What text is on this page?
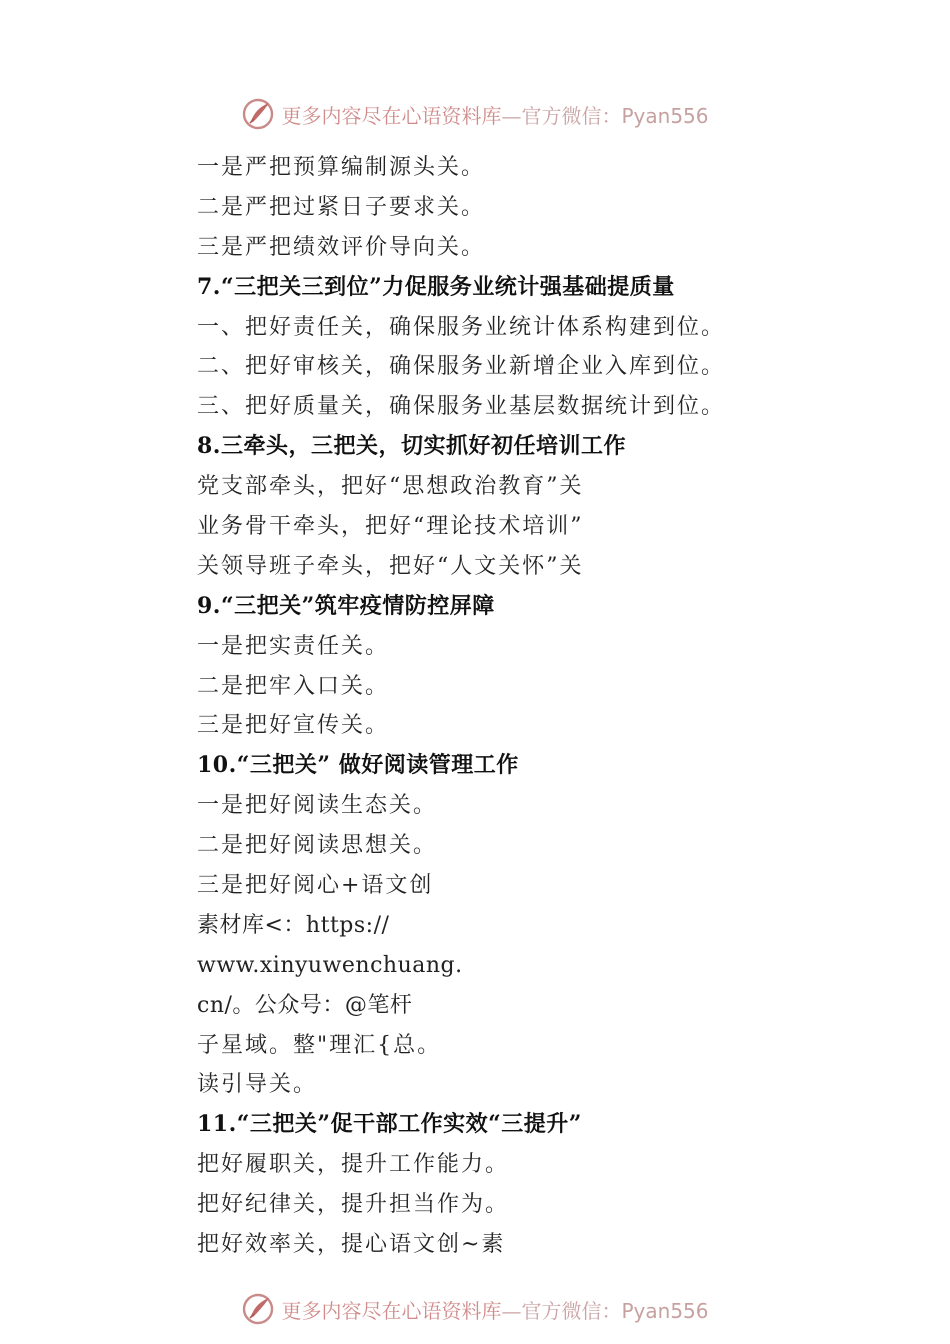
更多内容尽在心语资料库—官方微信：Pyan556
一是严把预算编制源头关。
二是严把过紧日子要求关。
三是严把绩效评价导向关。
7.“三把关三到位”力促服务业统计强基础提质量
一、把好责任关，确保服务业统计体系构建到位。
二、把好审核关，确保服务业新增企业入库到位。
三、把好质量关，确保服务业基层数据统计到位。
8.三牵头，三把关，切实抓好初任培训工作
党支部牵头，把好“思想政治教育”关
业务骨干牵头，把好“理论技术培训”
关领导班子牵头，把好“人文关怀”关
9.“三把关”筑牢疫情防控屏障
一是把实责任关。
二是把牢入口关。
三是把好宣传关。
10.“三把关” 做好阅读管理工作
一是把好阅读生态关。
二是把好阅读思想关。
三是把好阅心+语文创
素材库<：https://
www.xinyuwenchuang.
cn/。公众号：@笔杆
子星域。整"理汇{总。
读引导关。
11.“三把关”促干部工作实效“三提升”
把好履职关，提升工作能力。
把好纪律关，提升担当作为。
把好效率关，提心语文创~素
更多内容尽在心语资料库—官方微信：Pyan556
